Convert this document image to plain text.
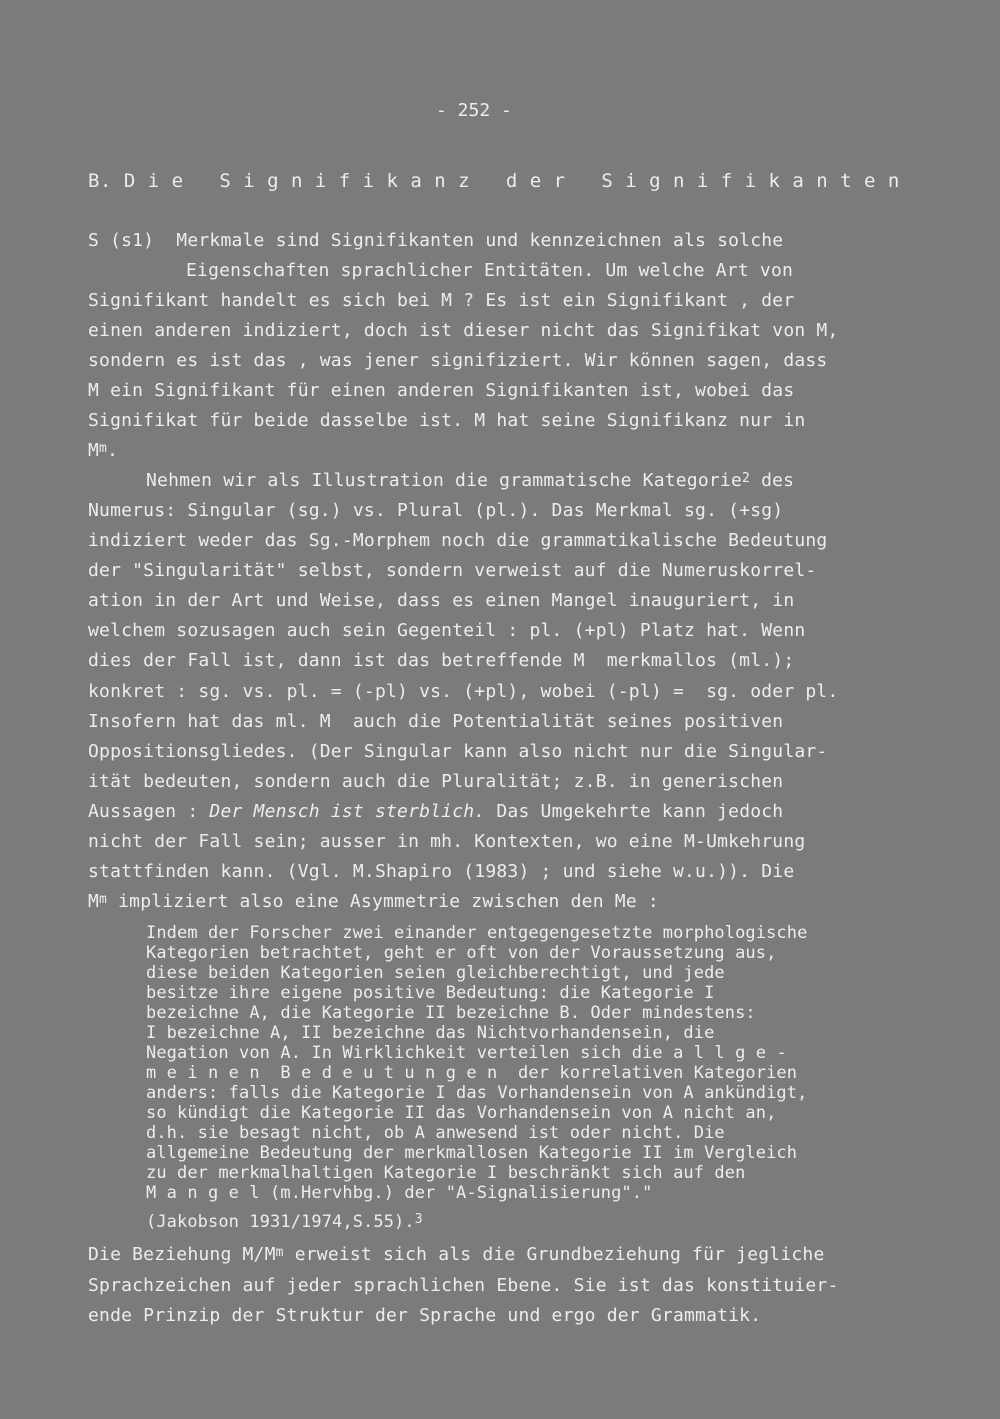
- 252 -
B. D i e   S i g n i f i k a n z   d e r   S i g n i f i k a n t e n
S (s1)  Merkmale sind Signifikanten und kennzeichnen als solche
Eigenschaften sprachlicher Entitäten. Um welche Art von
Signifikant handelt es sich bei M ? Es ist ein Signifikant , der
einen anderen indiziert, doch ist dieser nicht das Signifikat von M,
sondern es ist das , was jener signifiziert. Wir können sagen, dass
M ein Signifikant für einen anderen Signifikanten ist, wobei das
Signifikat für beide dasselbe ist. M hat seine Signifikanz nur in
$M^m$.
Nehmen wir als Illustration die grammatische Kategorie$^2$ des
Numerus: Singular (sg.) vs. Plural (pl.). Das Merkmal sg. (+sg)
indiziert weder das Sg.-Morphem noch die grammatikalische Bedeutung
der "Singularität" selbst, sondern verweist auf die Numeruskorrel-
ation in der Art und Weise, dass es einen Mangel inauguriert, in
welchem sozusagen auch sein Gegenteil : pl. (+pl) Platz hat. Wenn
dies der Fall ist, dann ist das betreffende M  merkmallos (ml.);
konkret : sg. vs. pl. = (-pl) vs. (+pl), wobei (-pl) =  sg. oder pl.
Insofern hat das ml. M  auch die Potentialität seines positiven
Oppositionsgliedes. (Der Singular kann also nicht nur die Singular-
ität bedeuten, sondern auch die Pluralität; z.B. in generischen
Aussagen : Der Mensch ist sterblich. Das Umgekehrte kann jedoch
nicht der Fall sein; ausser in mh. Kontexten, wo eine M-Umkehrung
stattfinden kann. (Vgl. M.Shapiro (1983) ; und siehe w.u.)). Die
$M^m$ impliziert also eine Asymmetrie zwischen den Me :
Indem der Forscher zwei einander entgegengesetzte morphologische
Kategorien betrachtet, geht er oft von der Voraussetzung aus,
diese beiden Kategorien seien gleichberechtigt, und jede
besitze ihre eigene positive Bedeutung: die Kategorie I
bezeichne A, die Kategorie II bezeichne B. Oder mindestens:
I bezeichne A, II bezeichne das Nichtvorhandensein, die
Negation von A. In Wirklichkeit verteilen sich die a l l g e -
m e i n e n  B e d e u t u n g e n  der korrelativen Kategorien
anders: falls die Kategorie I das Vorhandensein von A ankündigt,
so kündigt die Kategorie II das Vorhandensein von A nicht an,
d.h. sie besagt nicht, ob A anwesend ist oder nicht. Die
allgemeine Bedeutung der merkmallosen Kategorie II im Vergleich
zu der merkmalhaltigen Kategorie I beschränkt sich auf den
M a n g e l (m.Hervhbg.) der "A-Signalisierung"."
(Jakobson 1931/1974,S.55).$^3$
Die Beziehung $M/M^m$ erweist sich als die Grundbeziehung für jegliche
Sprachzeichen auf jeder sprachlichen Ebene. Sie ist das konstituier-
ende Prinzip der Struktur der Sprache und ergo der Grammatik.
